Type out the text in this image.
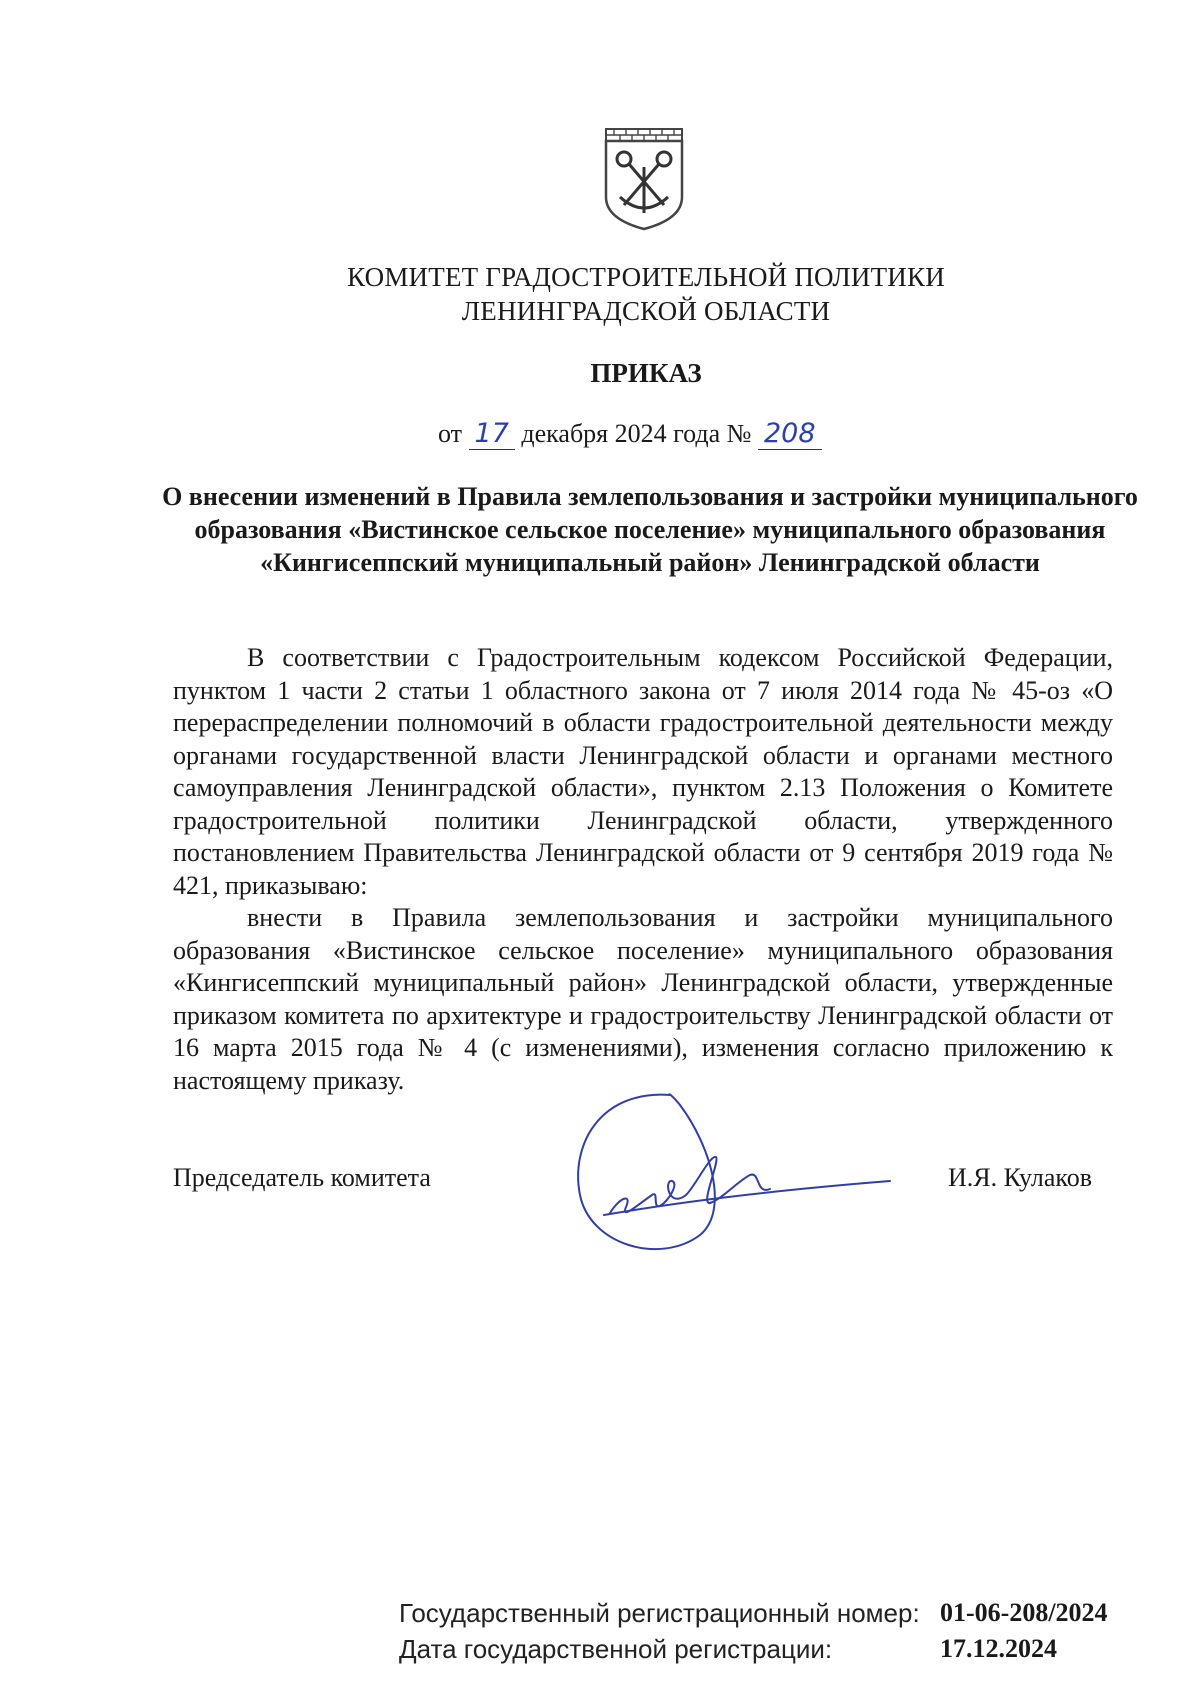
КОМИТЕТ ГРАДОСТРОИТЕЛЬНОЙ ПОЛИТИКИ
ЛЕНИНГРАДСКОЙ ОБЛАСТИ
ПРИКАЗ
от 17 декабря 2024 года № 208
О внесении изменений в Правила землепользования и застройки муниципального образования «Вистинское сельское поселение» муниципального образования «Кингисеппский муниципальный район» Ленинградской области

В соответствии с Градостроительным кодексом Российской Федерации, пунктом 1 части 2 статьи 1 областного закона от 7 июля 2014 года № 45-оз «О перераспределении полномочий в области градостроительной деятельности между органами государственной власти Ленинградской области и органами местного самоуправления Ленинградской области», пунктом 2.13 Положения о Комитете градостроительной политики Ленинградской области, утвержденного постановлением Правительства Ленинградской области от 9 сентября 2019 года № 421, приказываю:

внести в Правила землепользования и застройки муниципального образования «Вистинское сельское поселение» муниципального образования «Кингисеппский муниципальный район» Ленинградской области, утвержденные приказом комитета по архитектуре и градостроительству Ленинградской области от 16 марта 2015 года № 4 (с изменениями), изменения согласно приложению к настоящему приказу.

Председатель комитета	И.Я. Кулаков
Государственный регистрационный номер: 01-06-208/2024
Дата государственной регистрации:	17.12.2024
